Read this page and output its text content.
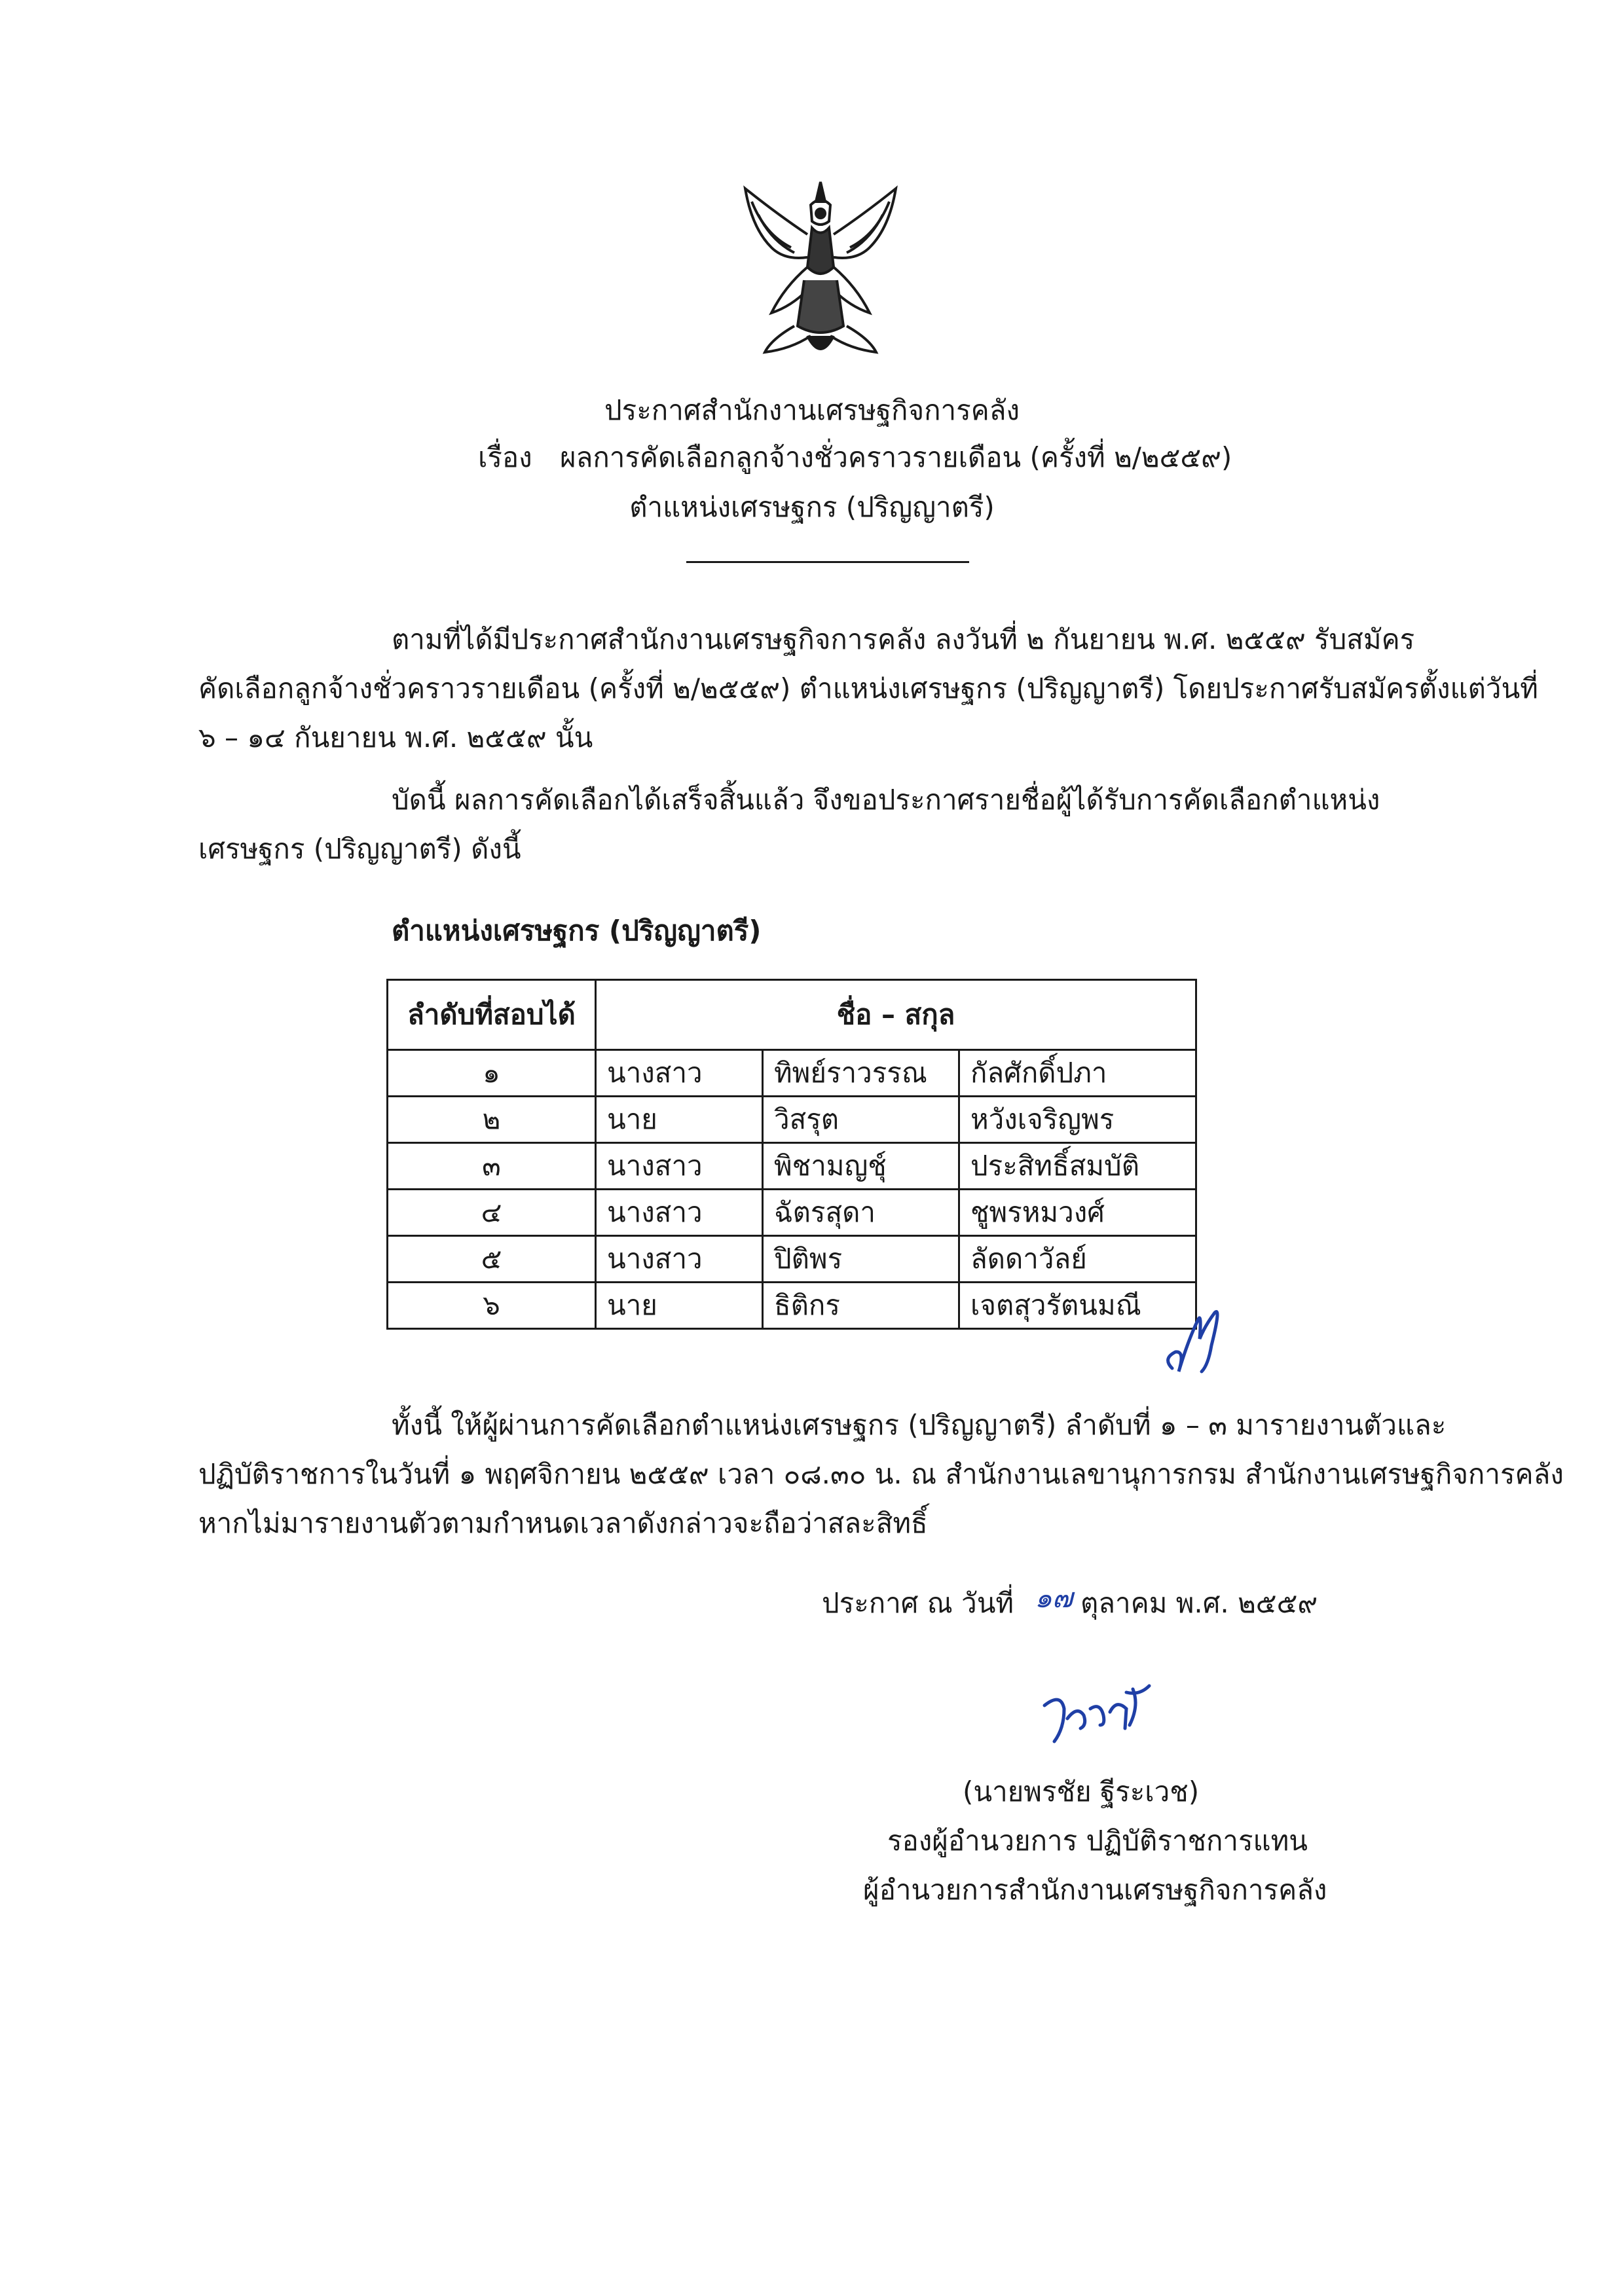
ประกาศสำนักงานเศรษฐกิจการคลัง
เรื่อง ผลการคัดเลือกลูกจ้างชั่วคราวรายเดือน (ครั้งที่ ๒/๒๕๕๙)
ตำแหน่งเศรษฐกร (ปริญญาตรี)
ตามที่ได้มีประกาศสำนักงานเศรษฐกิจการคลัง ลงวันที่ ๒ กันยายน พ.ศ. ๒๕๕๙ รับสมัคร
คัดเลือกลูกจ้างชั่วคราวรายเดือน (ครั้งที่ ๒/๒๕๕๙) ตำแหน่งเศรษฐกร (ปริญญาตรี) โดยประกาศรับสมัครตั้งแต่วันที่
๖ – ๑๔ กันยายน พ.ศ. ๒๕๕๙ นั้น
บัดนี้ ผลการคัดเลือกได้เสร็จสิ้นแล้ว จึงขอประกาศรายชื่อผู้ได้รับการคัดเลือกตำแหน่ง
เศรษฐกร (ปริญญาตรี) ดังนี้
ตำแหน่งเศรษฐกร (ปริญญาตรี)
ลำดับที่สอบได้	ชื่อ – สกุล		
๑	นางสาว	ทิพย์ราวรรณ	กัลศักดิ์ปภา
๒	นาย	วิสรุต	หวังเจริญพร
๓	นางสาว	พิชามญชุ์	ประสิทธิ์สมบัติ
๔	นางสาว	ฉัตรสุดา	ชูพรหมวงศ์
๕	นางสาว	ปิติพร	ลัดดาวัลย์
๖	นาย	ธิติกร	เจตสุวรัตนมณี
ทั้งนี้ ให้ผู้ผ่านการคัดเลือกตำแหน่งเศรษฐกร (ปริญญาตรี) ลำดับที่ ๑ – ๓ มารายงานตัวและ
ปฏิบัติราชการในวันที่ ๑ พฤศจิกายน ๒๕๕๙ เวลา ๐๘.๓๐ น. ณ สำนักงานเลขานุการกรม สำนักงานเศรษฐกิจการคลัง
หากไม่มารายงานตัวตามกำหนดเวลาดังกล่าวจะถือว่าสละสิทธิ์
ประกาศ ณ วันที่ ๑๗ ตุลาคม พ.ศ. ๒๕๕๙
(นายพรชัย ฐีระเวช)
รองผู้อำนวยการ ปฏิบัติราชการแทน
ผู้อำนวยการสำนักงานเศรษฐกิจการคลัง
